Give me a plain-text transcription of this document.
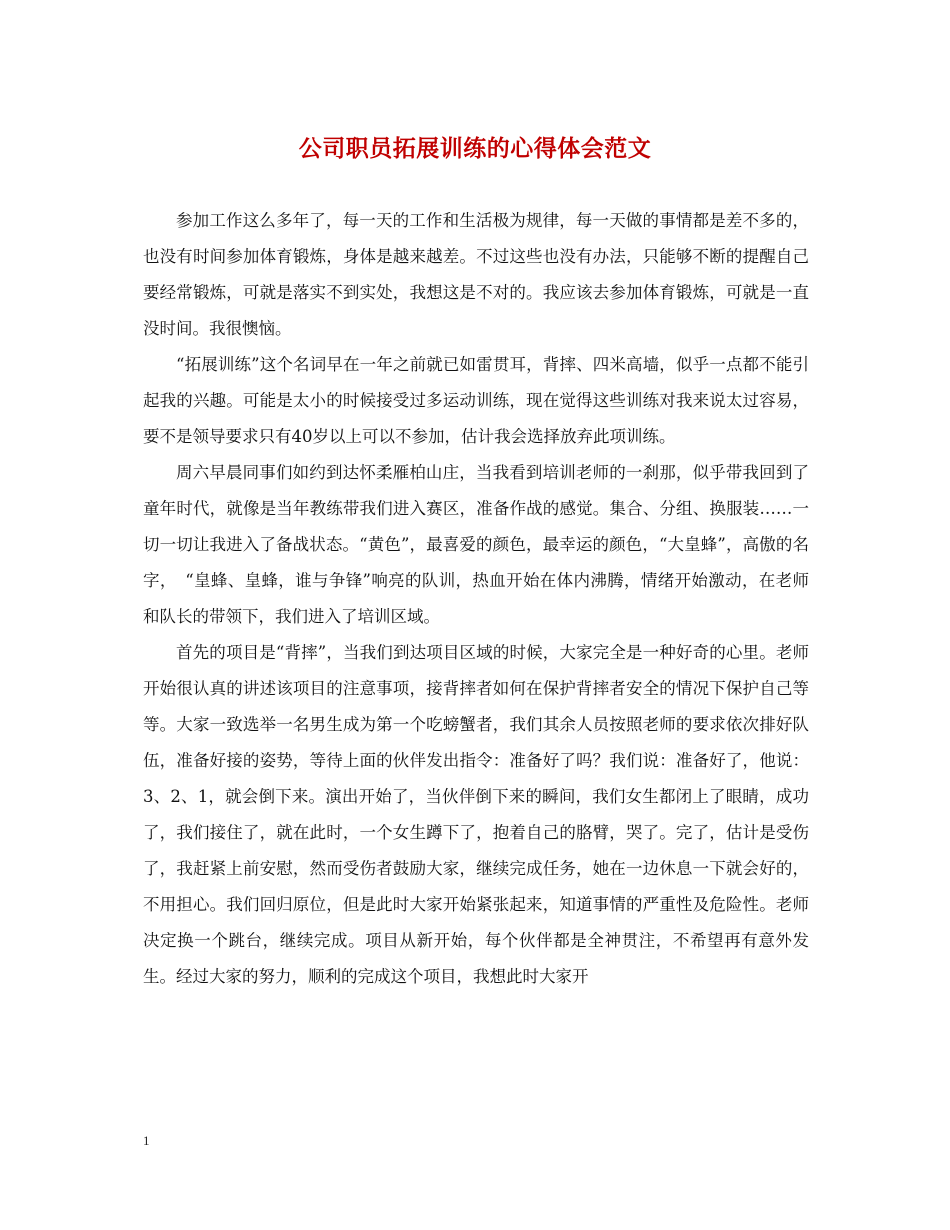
公司职员拓展训练的心得体会范文

参加工作这么多年了，每一天的工作和生活极为规律，每一天做的事情都是差不多的，也没有时间参加体育锻炼，身体是越来越差。不过这些也没有办法，只能够不断的提醒自己要经常锻炼，可就是落实不到实处，我想这是不对的。我应该去参加体育锻炼，可就是一直没时间。我很懊恼。

“拓展训练”这个名词早在一年之前就已如雷贯耳，背摔、四米高墙，似乎一点都不能引起我的兴趣。可能是太小的时候接受过多运动训练，现在觉得这些训练对我来说太过容易，要不是领导要求只有40岁以上可以不参加，估计我会选择放弃此项训练。

周六早晨同事们如约到达怀柔雁柏山庄，当我看到培训老师的一刹那，似乎带我回到了童年时代，就像是当年教练带我们进入赛区，准备作战的感觉。集合、分组、换服装……一切一切让我进入了备战状态。“黄色”，最喜爱的颜色，最幸运的颜色，“大皇蜂”，高傲的名字，　“皇蜂、皇蜂，谁与争锋”响亮的队训，热血开始在体内沸腾，情绪开始激动，在老师和队长的带领下，我们进入了培训区域。

首先的项目是“背摔”，当我们到达项目区域的时候，大家完全是一种好奇的心里。老师开始很认真的讲述该项目的注意事项，接背摔者如何在保护背摔者安全的情况下保护自己等等。大家一致选举一名男生成为第一个吃螃蟹者，我们其余人员按照老师的要求依次排好队伍，准备好接的姿势，等待上面的伙伴发出指令：准备好了吗？我们说：准备好了，他说：3、2、1，就会倒下来。演出开始了，当伙伴倒下来的瞬间，我们女生都闭上了眼睛，成功了，我们接住了，就在此时，一个女生蹲下了，抱着自己的胳臂，哭了。完了，估计是受伤了，我赶紧上前安慰，然而受伤者鼓励大家，继续完成任务，她在一边休息一下就会好的，不用担心。我们回归原位，但是此时大家开始紧张起来，知道事情的严重性及危险性。老师决定换一个跳台，继续完成。项目从新开始，每个伙伴都是全神贯注，不希望再有意外发生。经过大家的努力，顺利的完成这个项目，我想此时大家开

1
